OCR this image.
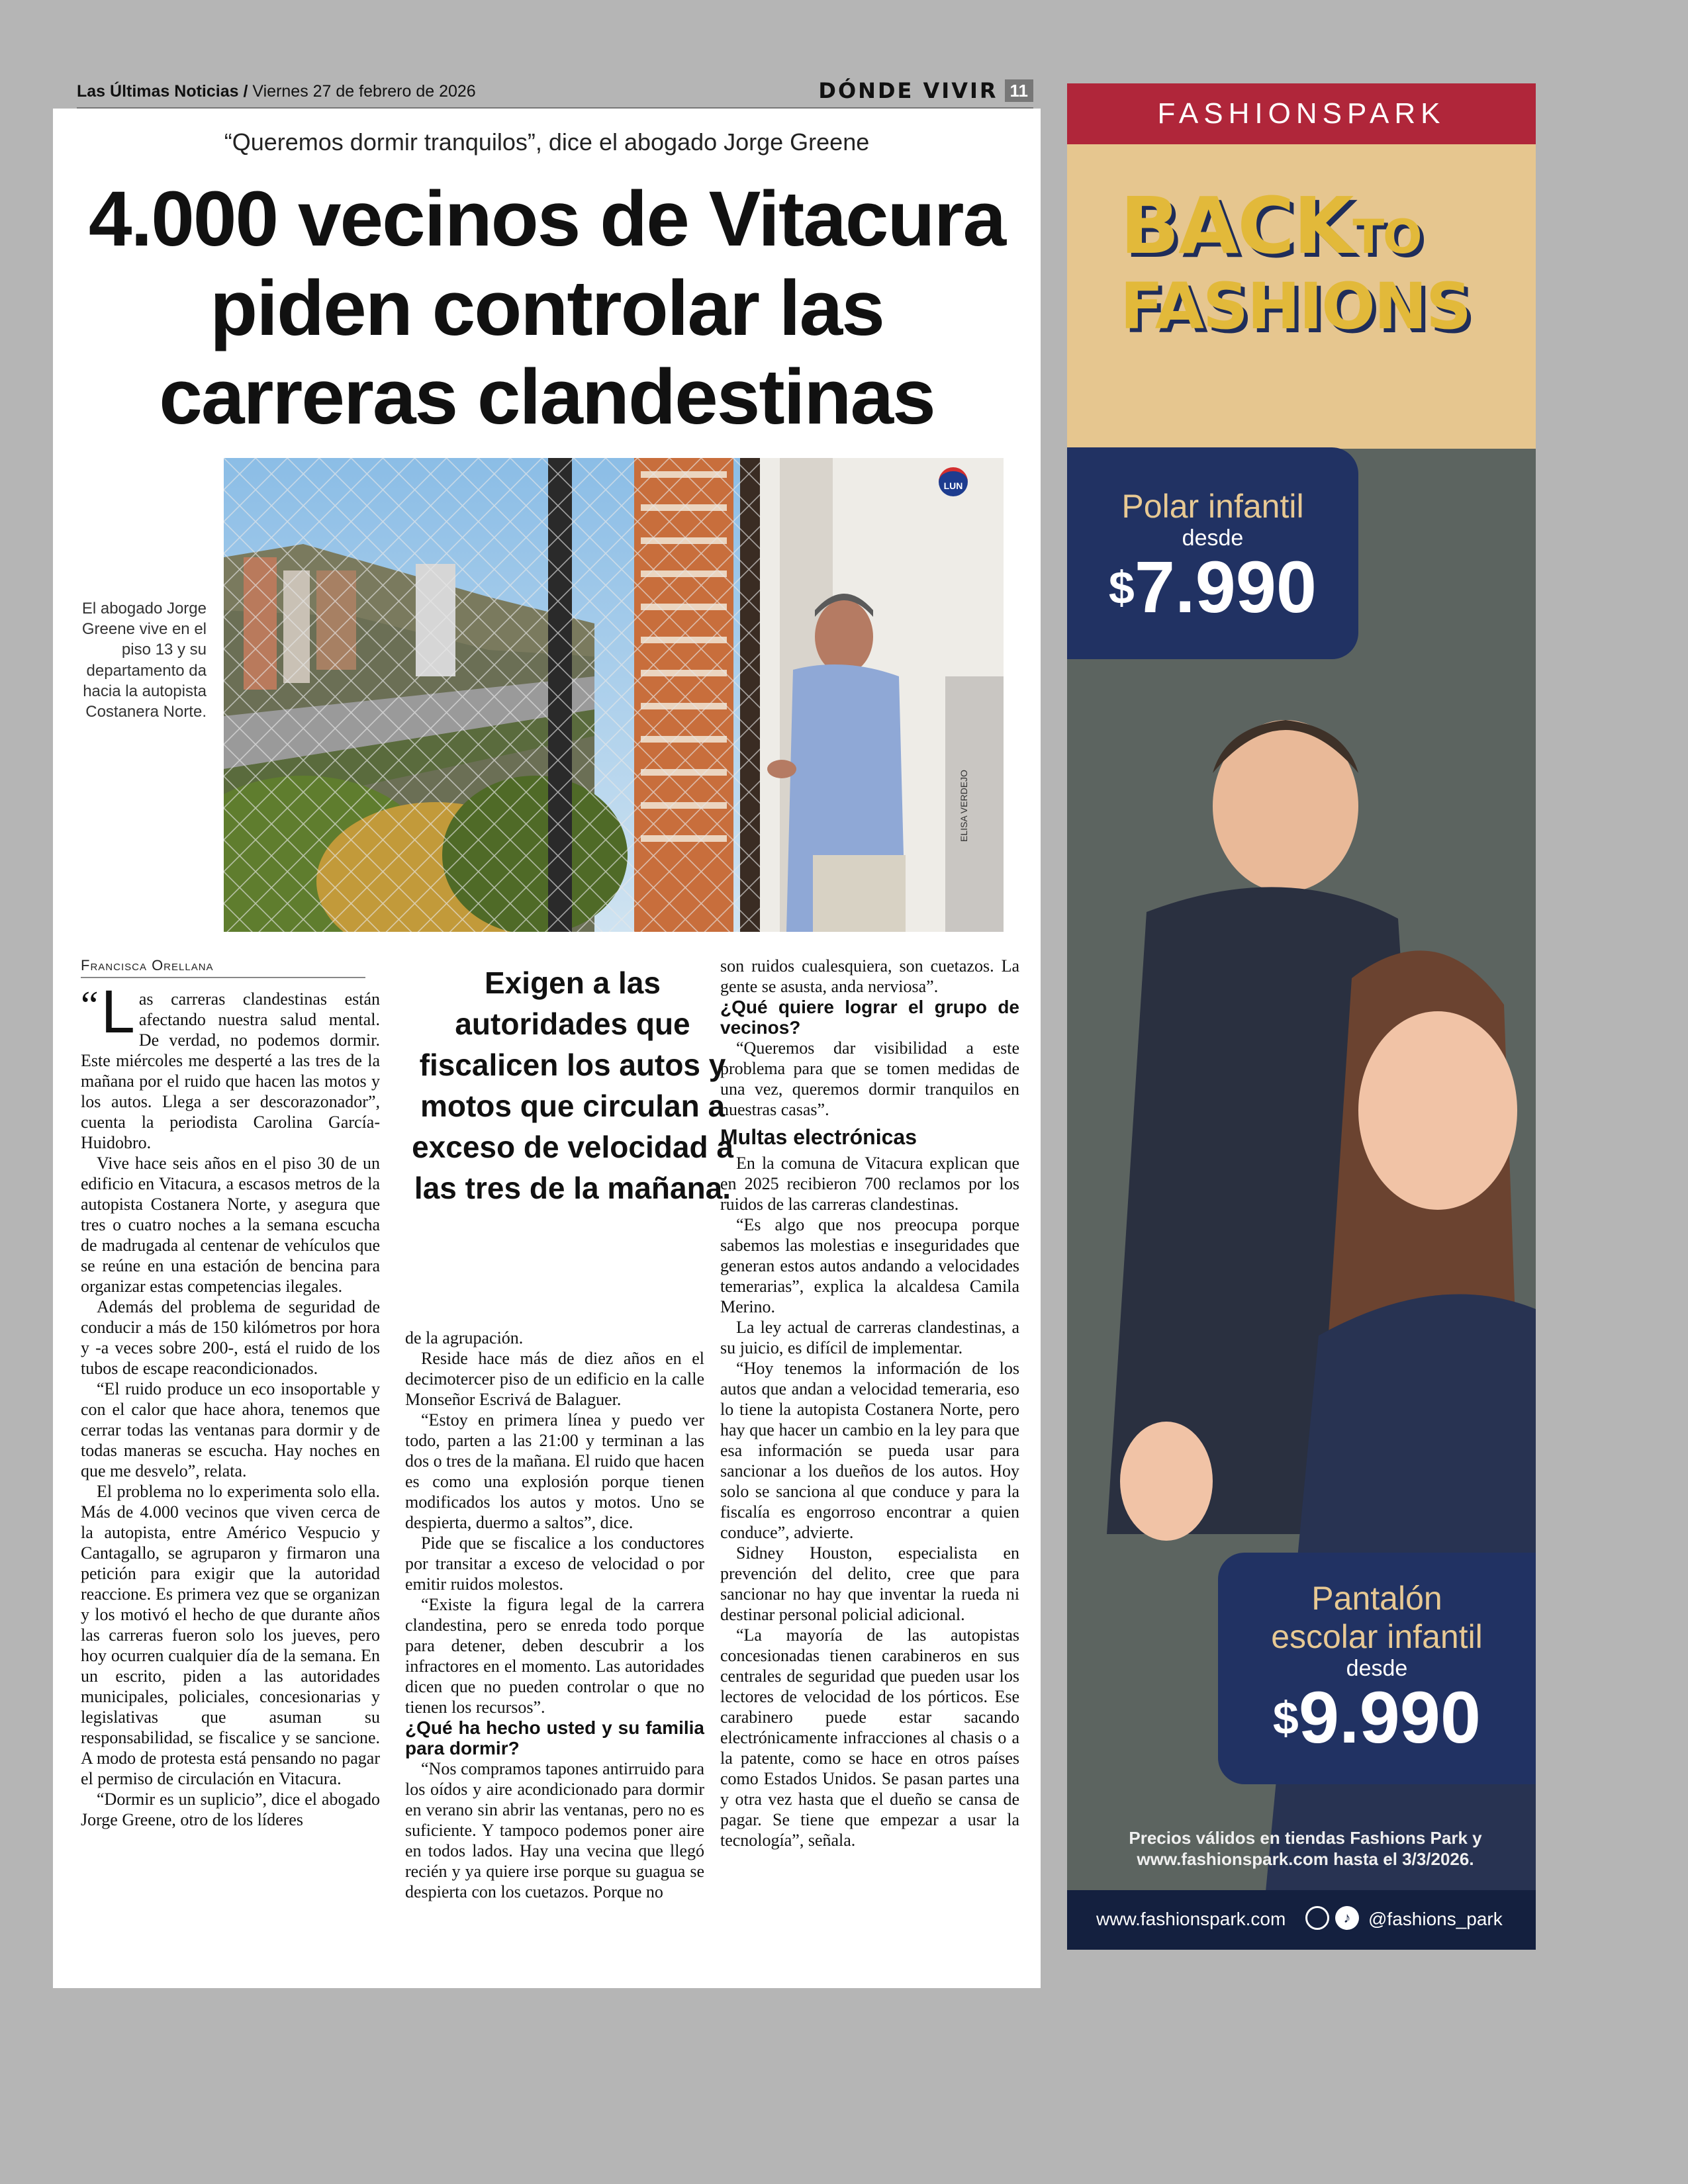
Las Últimas Noticias / Viernes 27 de febrero de 2026	DÓNDE VIVIR 11
“Queremos dormir tranquilos”, dice el abogado Jorge Greene
4.000 vecinos de Vitacura
piden controlar las
carreras clandestinas
El abogado Jorge Greene vive en el piso 13 y su departamento da hacia la autopista Costanera Norte.
LUN
ELISA VERDEJO
Francisca Orellana

“ L as carreras clandestinas están afectando nuestra salud mental. De verdad, no podemos dormir. Este miércoles me desperté a las tres de la mañana por el ruido que hacen las motos y los autos. Llega a ser descorazonador”, cuenta la periodista Carolina García-Huidobro.

Vive hace seis años en el piso 30 de un edificio en Vitacura, a escasos metros de la autopista Costanera Norte, y asegura que tres o cuatro noches a la semana escucha de madrugada al centenar de vehículos que se reúne en una estación de bencina para organizar estas competencias ilegales.

Además del problema de seguridad de conducir a más de 150 kilómetros por hora y -a veces sobre 200-, está el ruido de los tubos de escape reacondicionados.

“El ruido produce un eco insoportable y con el calor que hace ahora, tenemos que cerrar todas las ventanas para dormir y de todas maneras se escucha. Hay noches en que me desvelo”, relata.

El problema no lo experimenta solo ella. Más de 4.000 vecinos que viven cerca de la autopista, entre Américo Vespucio y Cantagallo, se agruparon y firmaron una petición para exigir que la autoridad reaccione. Es primera vez que se organizan y los motivó el hecho de que durante años las carreras fueron solo los jueves, pero hoy ocurren cualquier día de la semana. En un escrito, piden a las autoridades municipales, policiales, concesionarias y legislativas que asuman su responsabilidad, se fiscalice y se sancione. A modo de protesta está pensando no pagar el permiso de circulación en Vitacura.

“Dormir es un suplicio”, dice el abogado Jorge Greene, otro de los líderes

Exigen a las autoridades que fiscalicen los autos y motos que circulan a exceso de velocidad a las tres de la mañana.

de la agrupación.

Reside hace más de diez años en el decimotercer piso de un edificio en la calle Monseñor Escrivá de Balaguer.

“Estoy en primera línea y puedo ver todo, parten a las 21:00 y terminan a las dos o tres de la mañana. El ruido que hacen es como una explosión porque tienen modificados los autos y motos. Uno se despierta, duermo a saltos”, dice.

Pide que se fiscalice a los conductores por transitar a exceso de velocidad o por emitir ruidos molestos.

“Existe la figura legal de la carrera clandestina, pero se enreda todo porque para detener, deben descubrir a los infractores en el momento. Las autoridades dicen que no pueden controlar o que no tienen los recursos”.

¿Qué ha hecho usted y su familia para dormir?

“Nos compramos tapones antirruido para los oídos y aire acondicionado para dormir en verano sin abrir las ventanas, pero no es suficiente. Y tampoco podemos poner aire en todos lados. Hay una vecina que llegó recién y ya quiere irse porque su guagua se despierta con los cuetazos. Porque no

son ruidos cualesquiera, son cuetazos. La gente se asusta, anda nerviosa”.

¿Qué quiere lograr el grupo de vecinos?

“Queremos dar visibilidad a este problema para que se tomen medidas de una vez, queremos dormir tranquilos en nuestras casas”.

Multas electrónicas

En la comuna de Vitacura explican que en 2025 recibieron 700 reclamos por los ruidos de las carreras clandestinas.

“Es algo que nos preocupa porque sabemos las molestias e inseguridades que generan estos autos andando a velocidades temerarias”, explica la alcaldesa Camila Merino.

La ley actual de carreras clandestinas, a su juicio, es difícil de implementar.

“Hoy tenemos la información de los autos que andan a velocidad temeraria, eso lo tiene la autopista Costanera Norte, pero hay que hacer un cambio en la ley para que esa información se pueda usar para sancionar a los dueños de los autos. Hoy solo se sanciona al que conduce y para la fiscalía es engorroso encontrar a quien conduce”, advierte.

Sidney Houston, especialista en prevención del delito, cree que para sancionar no hay que inventar la rueda ni destinar personal policial adicional.

“La mayoría de las autopistas concesionadas tienen carabineros en sus centrales de seguridad que pueden usar los lectores de velocidad de los pórticos. Ese carabinero puede estar sacando electrónicamente infracciones al chasis o a la patente, como se hace en otros países como Estados Unidos. Se pasan partes una y otra vez hasta que el dueño se cansa de pagar. Se tiene que empezar a usar la tecnología”, señala.

FASHIONSPARK
BACKTO
FASHIONS
Polar infantil
desde
$7.990
Pantalón
escolar infantil
desde
$9.990
Precios válidos en tiendas Fashions Park y www.fashionspark.com hasta el 3/3/2026.
www.fashionspark.com	♪ @fashions_park
